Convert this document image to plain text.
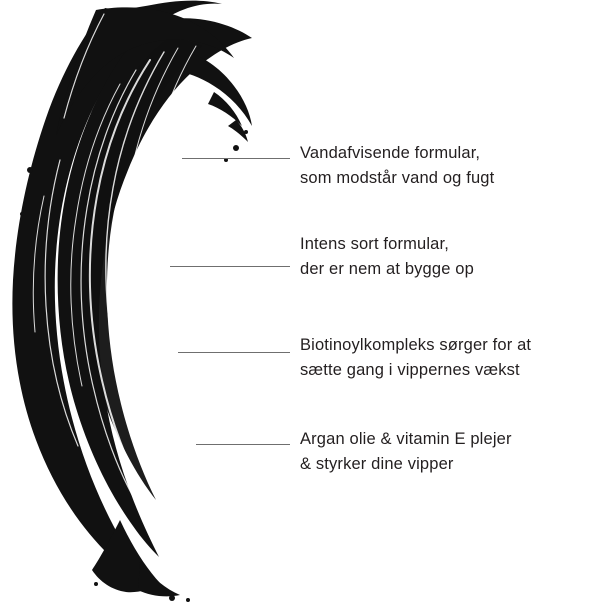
Vandafvisende formular,
som modstår vand og fugt
Intens sort formular,
der er nem at bygge op
Biotinoylkompleks sørger for at
sætte gang i vippernes vækst
Argan olie & vitamin E plejer
& styrker dine vipper
